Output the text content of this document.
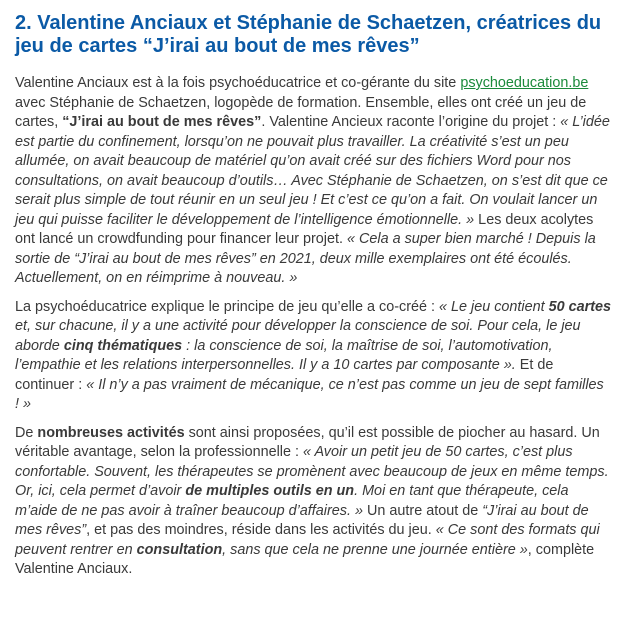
2. Valentine Anciaux et Stéphanie de Schaetzen, créatrices du jeu de cartes “J’irai au bout de mes rêves”

Valentine Anciaux est à la fois psychoéducatrice et co-gérante du site psychoeducation.be avec Stéphanie de Schaetzen, logopède de formation. Ensemble, elles ont créé un jeu de cartes, “J’irai au bout de mes rêves”. Valentine Ancieux raconte l’origine du projet : « L’idée est partie du confinement, lorsqu’on ne pouvait plus travailler. La créativité s’est un peu allumée, on avait beaucoup de matériel qu’on avait créé sur des fichiers Word pour nos consultations, on avait beaucoup d’outils… Avec Stéphanie de Schaetzen, on s’est dit que ce serait plus simple de tout réunir en un seul jeu ! Et c’est ce qu’on a fait. On voulait lancer un jeu qui puisse faciliter le développement de l’intelligence émotionnelle. » Les deux acolytes ont lancé un crowdfunding pour financer leur projet. « Cela a super bien marché ! Depuis la sortie de “J’irai au bout de mes rêves” en 2021, deux mille exemplaires ont été écoulés. Actuellement, on en réimprime à nouveau. »

La psychoéducatrice explique le principe de jeu qu’elle a co-créé : « Le jeu contient 50 cartes et, sur chacune, il y a une activité pour développer la conscience de soi. Pour cela, le jeu aborde cinq thématiques : la conscience de soi, la maîtrise de soi, l’automotivation, l’empathie et les relations interpersonnelles. Il y a 10 cartes par composante ». Et de continuer : « Il n’y a pas vraiment de mécanique, ce n’est pas comme un jeu de sept familles ! »

De nombreuses activités sont ainsi proposées, qu’il est possible de piocher au hasard. Un véritable avantage, selon la professionnelle : « Avoir un petit jeu de 50 cartes, c’est plus confortable. Souvent, les thérapeutes se promènent avec beaucoup de jeux en même temps. Or, ici, cela permet d’avoir de multiples outils en un. Moi en tant que thérapeute, cela m’aide de ne pas avoir à traîner beaucoup d’affaires. » Un autre atout de “J’irai au bout de mes rêves”, et pas des moindres, réside dans les activités du jeu. « Ce sont des formats qui peuvent rentrer en consultation, sans que cela ne prenne une journée entière », complète Valentine Anciaux.
